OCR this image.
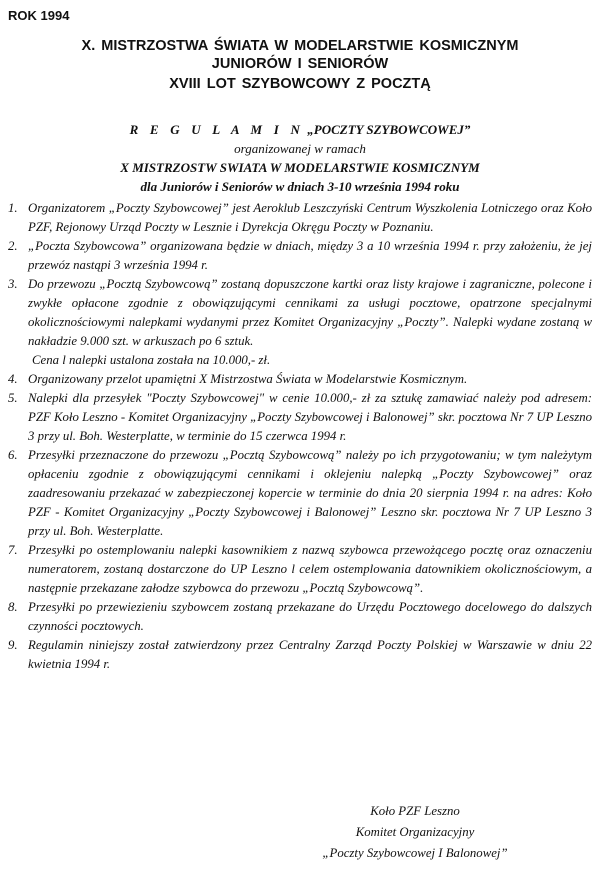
ROK 1994
X. MISTRZOSTWA ŚWIATA W MODELARSTWIE KOSMICZNYM
JUNIORÓW I SENIORÓW
XVIII LOT SZYBOWCOWY Z POCZTĄ
R E G U L A M I N „POCZTY SZYBOWCOWEJ”
organizowanej w ramach
X MISTRZOSTW SWIATA W MODELARSTWIE KOSMICZNYM
dla Juniorów i Seniorów w dniach 3-10 września 1994 roku
1. Organizatorem „Poczty Szybowcowej” jest Aeroklub Leszczyński Centrum Wyszkolenia Lotniczego oraz Koło PZF, Rejonowy Urząd Poczty w Lesznie i Dyrekcja Okręgu Poczty w Poznaniu.
2. „Poczta Szybowcowa” organizowana będzie w dniach, między 3 a 10 września 1994 r. przy założeniu, że jej przewóz nastąpi 3 września 1994 r.
3. Do przewozu „Pocztą Szybowcową” zostaną dopuszczone kartki oraz listy krajowe i zagraniczne, polecone i zwykłe opłacone zgodnie z obowiązującymi cennikami za usługi pocztowe, opatrzone specjalnymi okolicznościowymi nalepkami wydanymi przez Komitet Organizacyjny „Poczty”. Nalepki wydane zostaną w nakładzie 9.000 szt. w arkuszach po 6 sztuk.
Cena l nalepki ustalona została na 10.000,- zł.
4. Organizowany przelot upamiętni X Mistrzostwa Świata w Modelarstwie Kosmicznym.
5. Nalepki dla przesyłek "Poczty Szybowcowej" w cenie 10.000,- zł za sztukę zamawiać należy pod adresem: PZF Koło Leszno - Komitet Organizacyjny „Poczty Szybowcowej i Balonowej” skr. pocztowa Nr 7 UP Leszno 3 przy ul. Boh. Westerplatte, w terminie do 15 czerwca 1994 r.
6. Przesyłki przeznaczone do przewozu „Pocztą Szybowcową” należy po ich przygotowaniu; w tym należytym opłaceniu zgodnie z obowiązującymi cennikami i oklejeniu nalepką „Poczty Szybowcowej” oraz zaadresowaniu przekazać w zabezpieczonej kopercie w terminie do dnia 20 sierpnia 1994 r. na adres: Koło PZF - Komitet Organizacyjny „Poczty Szybowcowej i Balonowej” Leszno skr. pocztowa Nr 7 UP Leszno 3 przy ul. Boh. Westerplatte.
7. Przesyłki po ostemplowaniu nalepki kasownikiem z nazwą szybowca przewożącego pocztę oraz oznaczeniu numeratorem, zostaną dostarczone do UP Leszno l celem ostemplowania datownikiem okolicznościowym, a następnie przekazane załodze szybowca do przewozu „Pocztą Szybowcową”.
8. Przesyłki po przewiezieniu szybowcem zostaną przekazane do Urzędu Pocztowego docelowego do dalszych czynności pocztowych.
9. Regulamin niniejszy został zatwierdzony przez Centralny Zarząd Poczty Polskiej w Warszawie w dniu 22 kwietnia 1994 r.
Koło PZF Leszno
Komitet Organizacyjny
„Poczty Szybowcowej I Balonowej”
